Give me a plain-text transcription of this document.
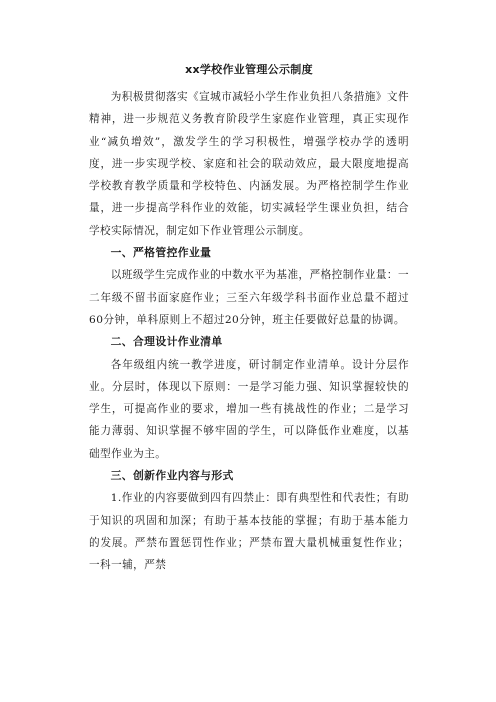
xx学校作业管理公示制度

为积极贯彻落实《宣城市减轻小学生作业负担八条措施》文件精神，进一步规范义务教育阶段学生家庭作业管理，真正实现作业“减负增效”，激发学生的学习积极性，增强学校办学的透明度，进一步实现学校、家庭和社会的联动效应，最大限度地提高学校教育教学质量和学校特色、内涵发展。为严格控制学生作业量，进一步提高学科作业的效能，切实减轻学生课业负担，结合学校实际情况，制定如下作业管理公示制度。

一、严格管控作业量

以班级学生完成作业的中数水平为基准，严格控制作业量：一二年级不留书面家庭作业；三至六年级学科书面作业总量不超过60分钟，单科原则上不超过20分钟，班主任要做好总量的协调。

二、合理设计作业清单

各年级组内统一教学进度，研讨制定作业清单。设计分层作业。分层时，体现以下原则：一是学习能力强、知识掌握较快的学生，可提高作业的要求，增加一些有挑战性的作业；二是学习能力薄弱、知识掌握不够牢固的学生，可以降低作业难度，以基础型作业为主。

三、创新作业内容与形式

1.作业的内容要做到四有四禁止：即有典型性和代表性；有助于知识的巩固和加深；有助于基本技能的掌握；有助于基本能力的发展。严禁布置惩罚性作业；严禁布置大量机械重复性作业；一科一辅，严禁
